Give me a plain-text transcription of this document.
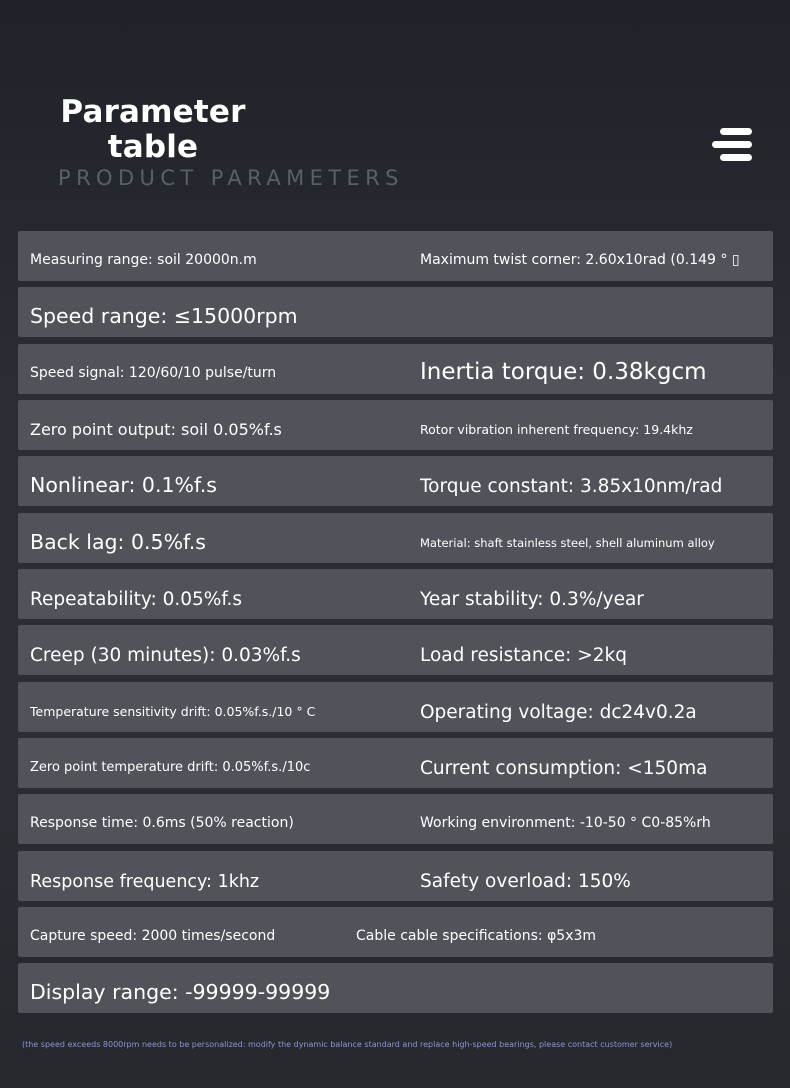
Parameter
table
PRODUCT PARAMETERS
Measuring range: soil 20000n.m	Maximum twist corner: 2.60x10rad (0.149 ° ▯
Speed range: ≤15000rpm
Speed signal: 120/60/10 pulse/turn	Inertia torque: 0.38kgcm
Zero point output: soil 0.05%f.s	Rotor vibration inherent frequency: 19.4khz
Nonlinear: 0.1%f.s	Torque constant: 3.85x10nm/rad
Back lag: 0.5%f.s	Material: shaft stainless steel, shell aluminum alloy
Repeatability: 0.05%f.s	Year stability: 0.3%/year
Creep (30 minutes): 0.03%f.s	Load resistance: >2kq
Temperature sensitivity drift: 0.05%f.s./10 ° C	Operating voltage: dc24v0.2a
Zero point temperature drift: 0.05%f.s./10c	Current consumption: <150ma
Response time: 0.6ms (50% reaction)	Working environment: -10-50 ° C0-85%rh
Response frequency: 1khz	Safety overload: 150%
Capture speed: 2000 times/second	Cable cable specifications: φ5x3m
Display range: -99999-99999
(the speed exceeds 8000rpm needs to be personalized: modify the dynamic balance standard and replace high-speed bearings, please contact customer service)
